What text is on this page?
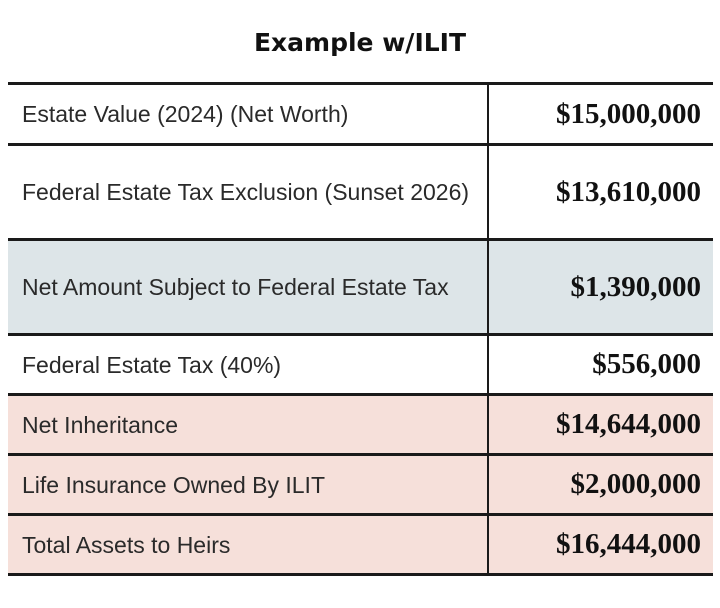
Example w/ILIT
Estate Value (2024) (Net Worth)	$15,000,000
Federal Estate Tax Exclusion (Sunset 2026)	$13,610,000
Net Amount Subject to Federal Estate Tax	$1,390,000
Federal Estate Tax (40%)	$556,000
Net Inheritance	$14,644,000
Life Insurance Owned By ILIT	$2,000,000
Total Assets to Heirs	$16,444,000
